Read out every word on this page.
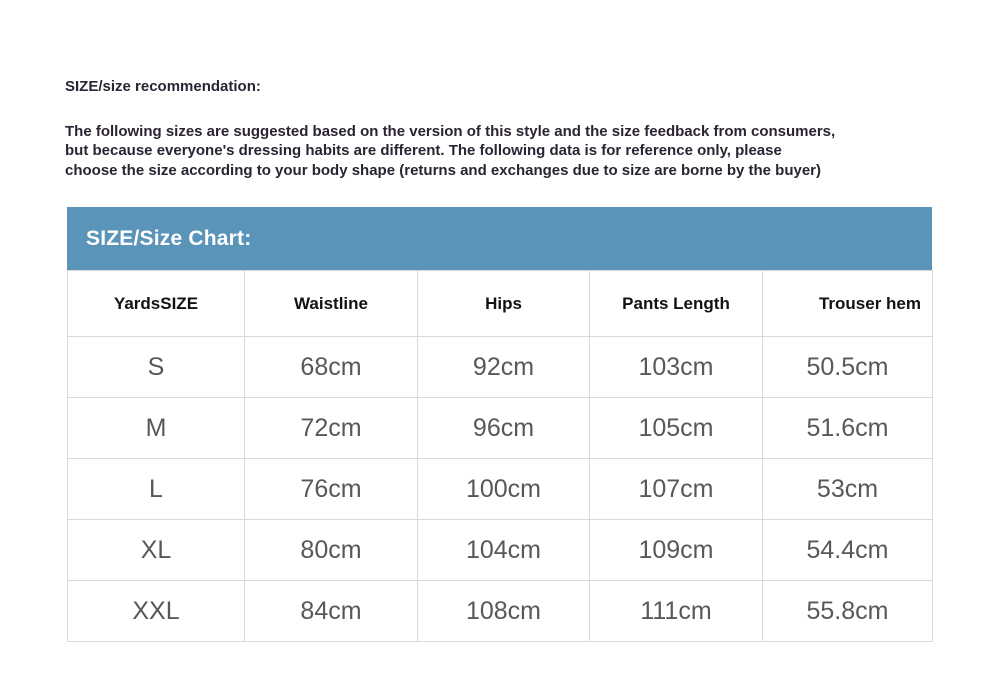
SIZE/size recommendation:
The following sizes are suggested based on the version of this style and the size feedback from consumers,
but because everyone's dressing habits are different. The following data is for reference only, please
choose the size according to your body shape (returns and exchanges due to size are borne by the buyer)
SIZE/Size Chart:
YardsSIZE	Waistline	Hips	Pants Length	Trouser hem
S	68cm	92cm	103cm	50.5cm
M	72cm	96cm	105cm	51.6cm
L	76cm	100cm	107cm	53cm
XL	80cm	104cm	109cm	54.4cm
XXL	84cm	108cm	111cm	55.8cm
